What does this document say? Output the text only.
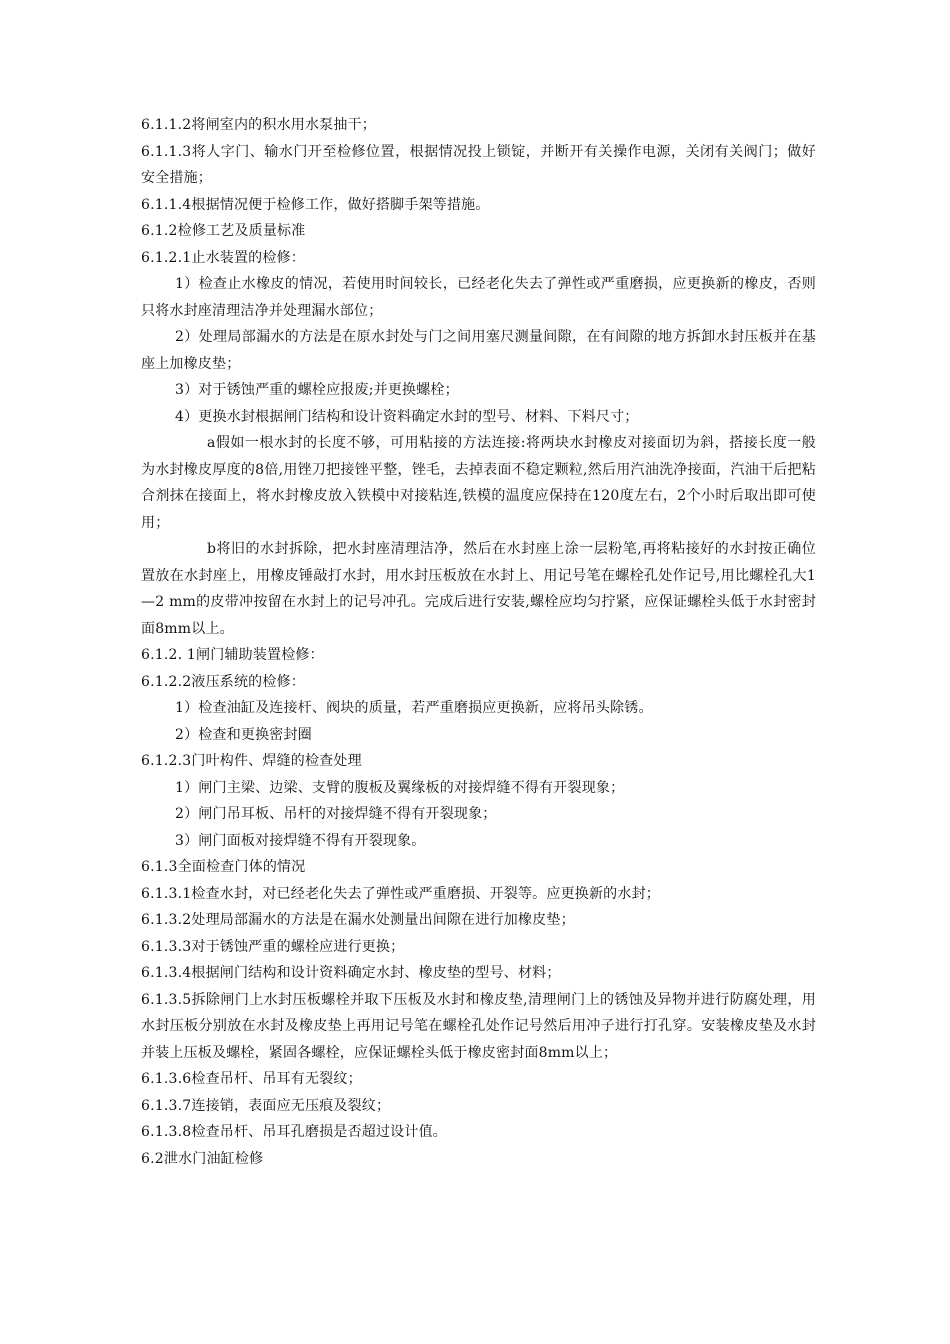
6.1.1.2将闸室内的积水用水泵抽干；

6.1.1.3将人字门、输水门开至检修位置，根据情况投上锁锭，并断开有关操作电源，关闭有关阀门；做好安全措施；

6.1.1.4根据情况便于检修工作，做好搭脚手架等措施。

6.1.2检修工艺及质量标准

6.1.2.1止水装置的检修：

1）检查止水橡皮的情况，若使用时间较长，已经老化失去了弹性或严重磨损，应更换新的橡皮，否则只将水封座清理洁净并处理漏水部位；

2）处理局部漏水的方法是在原水封处与门之间用塞尺测量间隙，在有间隙的地方拆卸水封压板并在基座上加橡皮垫；

3）对于锈蚀严重的螺栓应报废;并更换螺栓；

4）更换水封根据闸门结构和设计资料确定水封的型号、材料、下料尺寸；

a假如一根水封的长度不够，可用粘接的方法连接:将两块水封橡皮对接面切为斜，搭接长度一般为水封橡皮厚度的8倍,用锉刀把接锉平整，锉毛，去掉表面不稳定颗粒,然后用汽油洗净接面，汽油干后把粘合剂抹在接面上，将水封橡皮放入铁模中对接粘连,铁模的温度应保持在120度左右，2个小时后取出即可使用；

b将旧的水封拆除，把水封座清理洁净，然后在水封座上涂一层粉笔,再将粘接好的水封按正确位置放在水封座上，用橡皮锤敲打水封，用水封压板放在水封上、用记号笔在螺栓孔处作记号,用比螺栓孔大1—2 mm的皮带冲按留在水封上的记号冲孔。完成后进行安装,螺栓应均匀拧紧，应保证螺栓头低于水封密封面8mm以上。

6.1.2. 1闸门辅助装置检修：

6.1.2.2液压系统的检修：

1）检查油缸及连接杆、阀块的质量，若严重磨损应更换新，应将吊头除锈。

2）检查和更换密封圈

6.1.2.3门叶构件、焊缝的检查处理

1）闸门主梁、边梁、支臂的腹板及翼缘板的对接焊缝不得有开裂现象；

2）闸门吊耳板、吊杆的对接焊缝不得有开裂现象；

3）闸门面板对接焊缝不得有开裂现象。

6.1.3全面检查门体的情况

6.1.3.1检查水封，对已经老化失去了弹性或严重磨损、开裂等。应更换新的水封；

6.1.3.2处理局部漏水的方法是在漏水处测量出间隙在进行加橡皮垫；

6.1.3.3对于锈蚀严重的螺栓应进行更换；

6.1.3.4根据闸门结构和设计资料确定水封、橡皮垫的型号、材料；

6.1.3.5拆除闸门上水封压板螺栓并取下压板及水封和橡皮垫,清理闸门上的锈蚀及异物并进行防腐处理，用水封压板分别放在水封及橡皮垫上再用记号笔在螺栓孔处作记号然后用冲子进行打孔穿。安装橡皮垫及水封并装上压板及螺栓，紧固各螺栓，应保证螺栓头低于橡皮密封面8mm以上；

6.1.3.6检查吊杆、吊耳有无裂纹；

6.1.3.7连接销，表面应无压痕及裂纹；

6.1.3.8检查吊杆、吊耳孔磨损是否超过设计值。

6.2泄水门油缸检修
